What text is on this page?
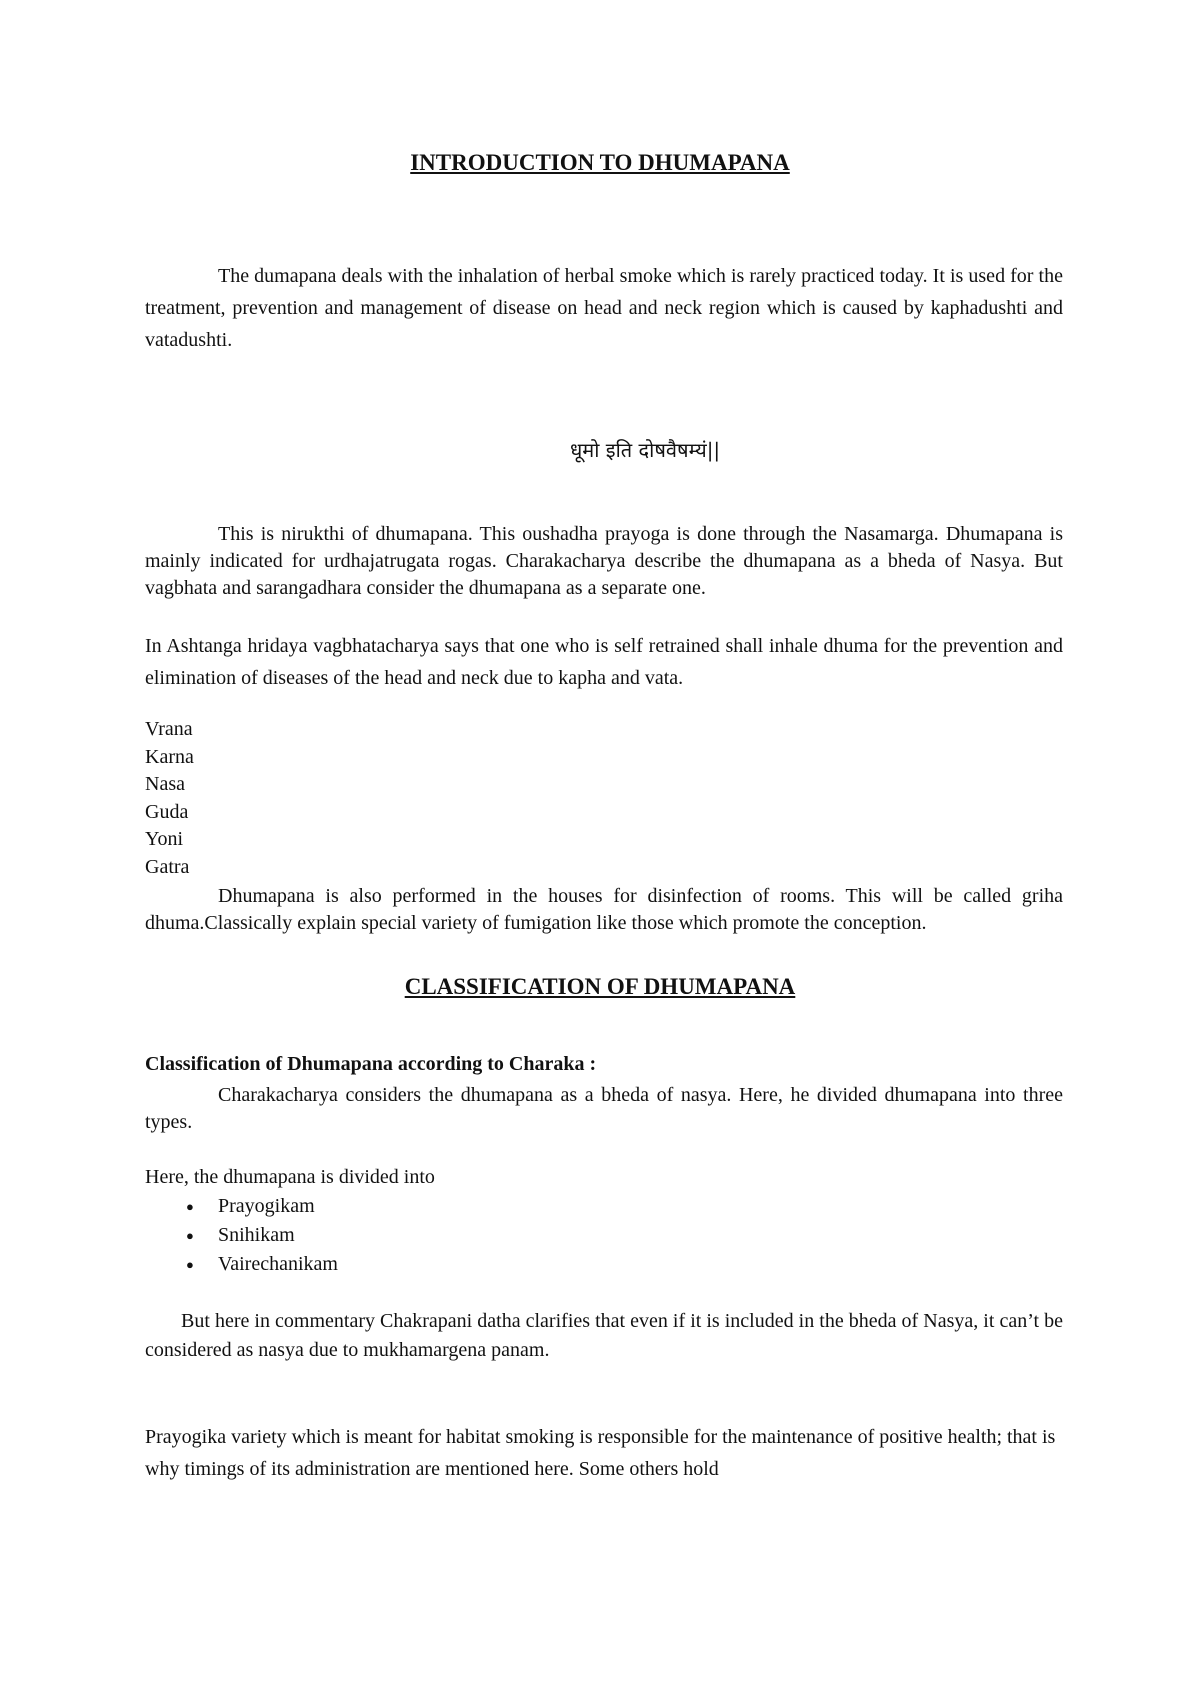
INTRODUCTION TO DHUMAPANA

The dumapana deals with the inhalation of herbal smoke which is rarely practiced today. It is used for the treatment, prevention and management of disease on head and neck region which is caused by kaphadushti and vatadushti.

धूमो इति दोषवैषम्यं||

This is nirukthi of dhumapana. This oushadha prayoga is done through the Nasamarga. Dhumapana is mainly indicated for urdhajatrugata rogas. Charakacharya describe the dhumapana as a bheda of Nasya. But vagbhata and sarangadhara consider the dhumapana as a separate one.

In Ashtanga hridaya vagbhatacharya says that one who is self retrained shall inhale dhuma for the prevention and elimination of diseases of the head and neck due to kapha and vata.

Vrana
Karna
Nasa
Guda
Yoni
Gatra

Dhumapana is also performed in the houses for disinfection of rooms. This will be called griha dhuma.Classically explain special variety of fumigation like those which promote the conception.

CLASSIFICATION OF DHUMAPANA

Classification of Dhumapana according to Charaka :

Charakacharya considers the dhumapana as a bheda of nasya. Here, he divided dhumapana into three types.

Here, the dhumapana is divided into

● Prayogikam
● Snihikam
● Vairechanikam

But here in commentary Chakrapani datha clarifies that even if it is included in the bheda of Nasya, it can’t be considered as nasya due to mukhamargena panam.

Prayogika variety which is meant for habitat smoking is responsible for the maintenance of positive health; that is why timings of its administration are mentioned here. Some others hold
